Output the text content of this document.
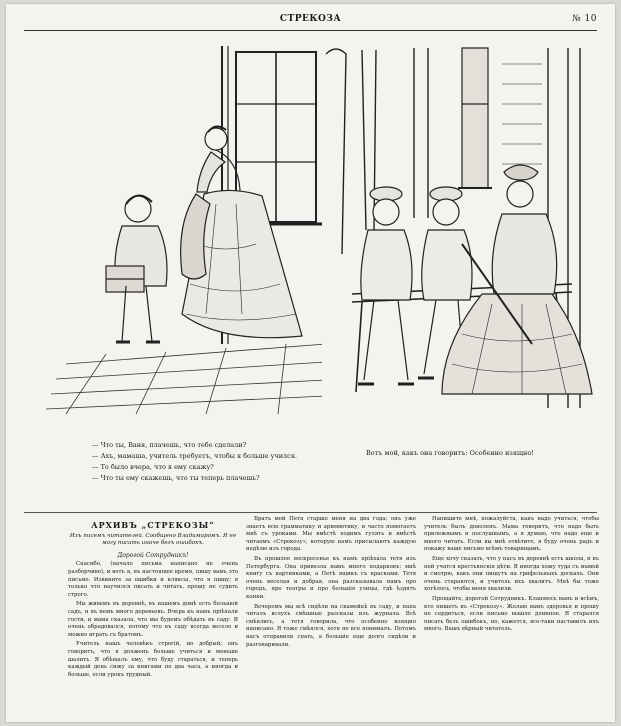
СТРЕКОЗА	№ 10
— Что ты, Ваня, плачешь, что тебе сделали?
— Ахъ, мамаша, учитель требуетъ, чтобы я больше учился.
— То было вчера, что я ему скажу?
— Что ты ему скажешь, что ты теперь плачешь?
Вотъ мой, какъ она говоритъ: Особенно изящно!
АРХИВЪ „СТРЕКОЗЫ“
Изъ писемъ читателей. Сообщено Владимиромъ. Я не могу писать иначе безъ ошибокъ.
Дорогой Сотрудникъ!

Спасибо, (начало письма написано не очень разборчиво), и вотъ я, въ настоящее время, пишу вамъ это письмо. Извините за ошибки и кляксы, что я пишу; я только что научился писать и читать, прошу не судить строго.

Мы живемъ въ деревнѣ, въ нашемъ домѣ есть большой садъ, и въ немъ много деревьевъ. Вчера къ намъ пріѣхали гости, и мама сказала, что мы будемъ обѣдать въ саду. Я очень обрадовался, потому что въ саду всегда весело и можно играть съ братомъ.

Учитель нашъ человѣкъ строгій, но добрый; онъ говоритъ, что я долженъ больше учиться и меньше шалить. Я обѣщалъ ему, что буду стараться, и теперь каждый день сижу за книгами по два часа, а иногда и больше, если урокъ трудный.

Братъ мой Петя старше меня на два года; онъ уже знаетъ всю грамматику и ариѳметику, и часто помогаетъ мнѣ съ уроками. Мы вмѣстѣ ходимъ гулять и вмѣстѣ читаемъ «Стрекозу», которую намъ присылаютъ каждую недѣлю изъ города.

Въ прошлое воскресенье къ намъ пріѣхала тетя изъ Петербурга. Она привезла намъ много подарковъ: мнѣ книгу съ картинками, а Петѣ ящикъ съ красками. Тетя очень веселая и добрая, она разсказывала намъ про городъ, про театры и про большія улицы, гдѣ ѣздятъ конки.

Вечеромъ мы всѣ сидѣли на скамейкѣ въ саду, и папа читалъ вслухъ смѣшные разсказы изъ журнала. Всѣ смѣялись, а тетя говорила, что особенно изящно написано. Я тоже смѣялся, хотя не все понималъ. Потомъ насъ отправили спать, а большіе еще долго сидѣли и разговаривали.

Напишите мнѣ, пожалуйста, какъ надо учиться, чтобы учитель былъ доволенъ. Мама говоритъ, что надо быть прилежнымъ и послушнымъ, а я думаю, что надо еще и много читать. Если вы мнѣ отвѣтите, я буду очень радъ и покажу ваше письмо всѣмъ товарищамъ.

Еще хочу сказать, что у насъ въ деревнѣ есть школа, и въ ней учатся крестьянскія дѣти. Я иногда хожу туда съ мамой и смотрю, какъ они пишутъ на грифельныхъ доскахъ. Они очень стараются, и учитель ихъ хвалитъ. Мнѣ бы тоже хотѣлось, чтобы меня хвалили.

Прощайте, дорогой Сотрудникъ. Кланяюсь вамъ и всѣмъ, кто пишетъ въ «Стрекозу». Желаю вамъ здоровья и прошу не сердиться, если письмо вышло длинное. Я старался писать безъ ошибокъ, но, кажется, все-таки наставилъ ихъ много. Вашъ вѣрный читатель.
